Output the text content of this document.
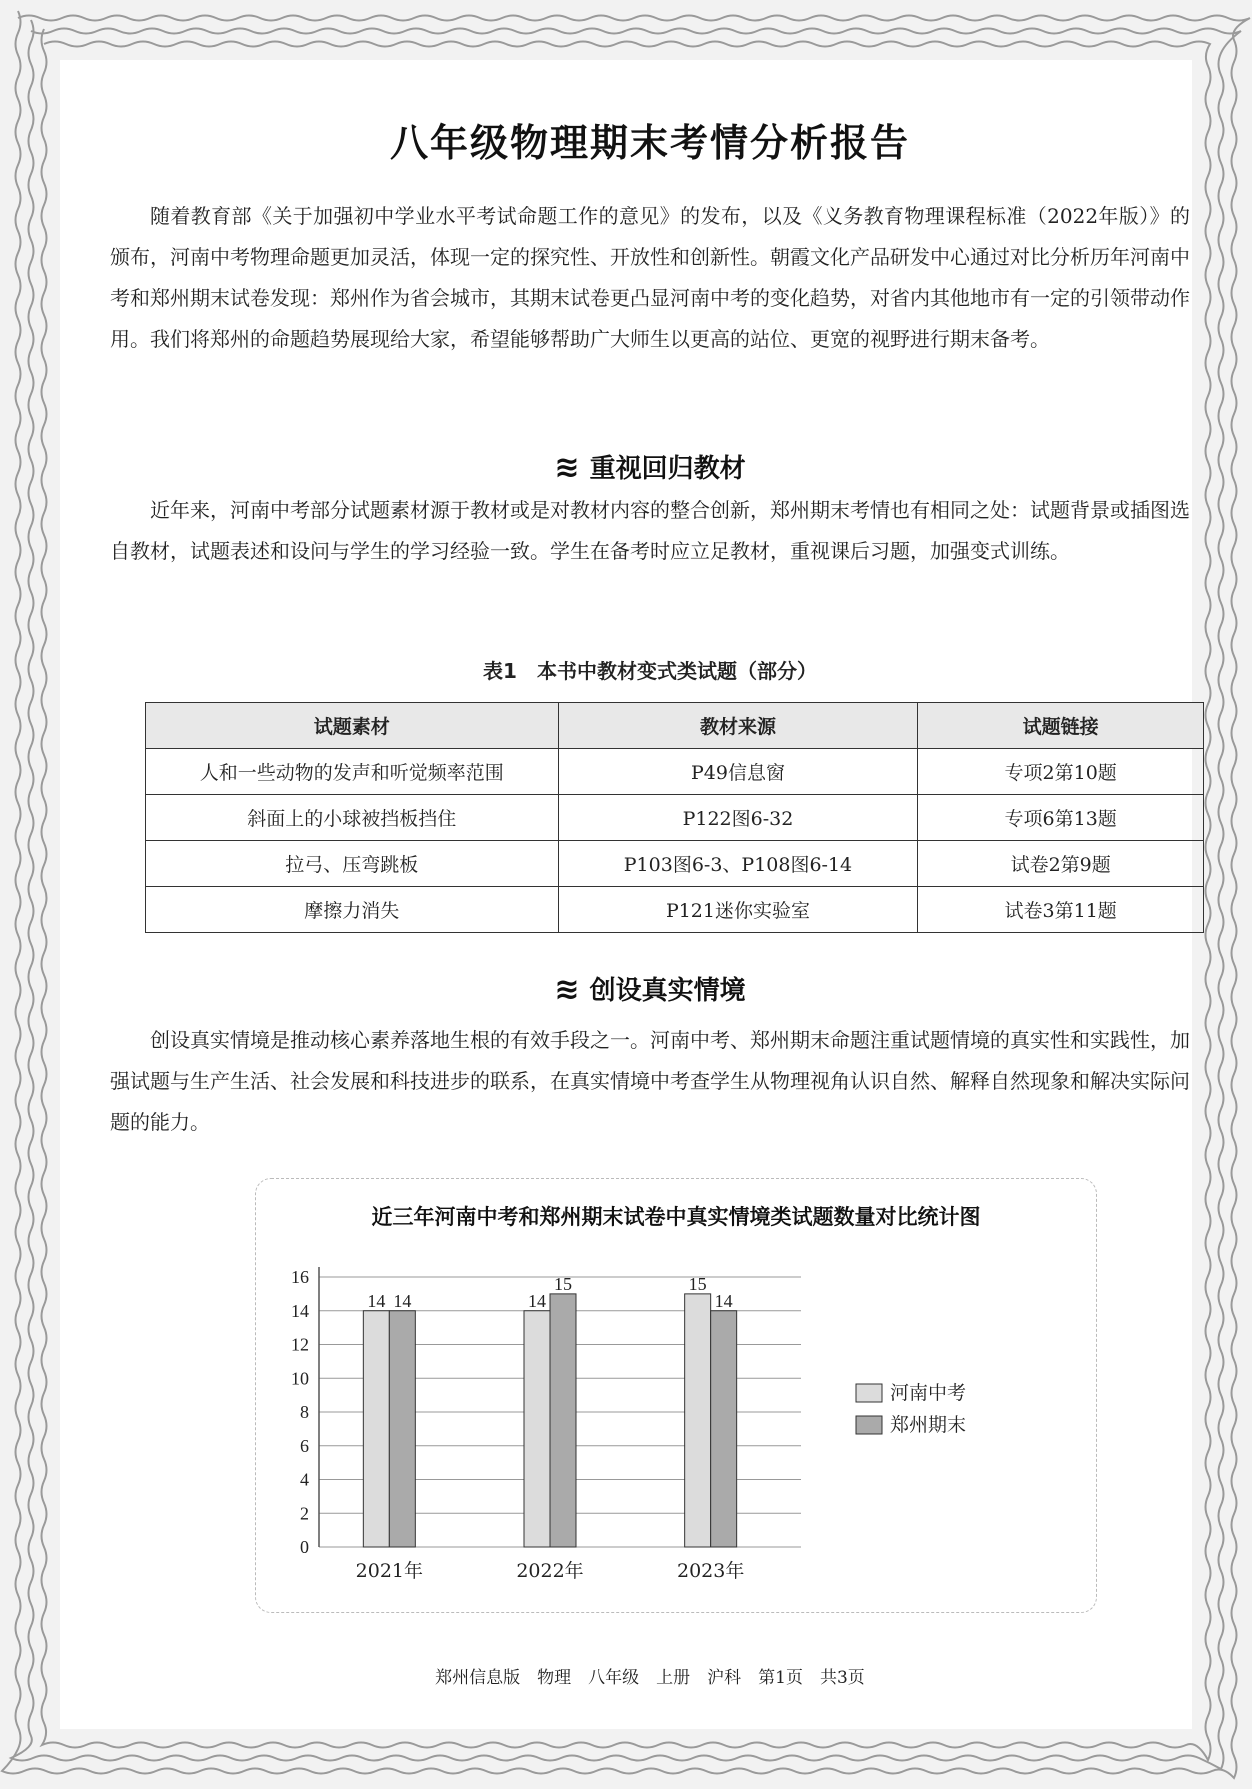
八年级物理期末考情分析报告

随着教育部《关于加强初中学业水平考试命题工作的意见》的发布，以及《义务教育物理课程标准（2022年版）》的颁布，河南中考物理命题更加灵活，体现一定的探究性、开放性和创新性。朝霞文化产品研发中心通过对比分析历年河南中考和郑州期末试卷发现：郑州作为省会城市，其期末试卷更凸显河南中考的变化趋势，对省内其他地市有一定的引领带动作用。我们将郑州的命题趋势展现给大家，希望能够帮助广大师生以更高的站位、更宽的视野进行期末备考。

≋ 重视回归教材

近年来，河南中考部分试题素材源于教材或是对教材内容的整合创新，郑州期末考情也有相同之处：试题背景或插图选自教材，试题表述和设问与学生的学习经验一致。学生在备考时应立足教材，重视课后习题，加强变式训练。

表1　本书中教材变式类试题（部分）
试题素材	教材来源	试题链接
人和一些动物的发声和听觉频率范围	P49信息窗	专项2第10题
斜面上的小球被挡板挡住	P122图6-32	专项6第13题
拉弓、压弯跳板	P103图6-3、P108图6-14	试卷2第9题
摩擦力消失	P121迷你实验室	试卷3第11题
≋ 创设真实情境

创设真实情境是推动核心素养落地生根的有效手段之一。河南中考、郑州期末命题注重试题情境的真实性和实践性，加强试题与生产生活、社会发展和科技进步的联系，在真实情境中考查学生从物理视角认识自然、解释自然现象和解决实际问题的能力。

近三年河南中考和郑州期末试卷中真实情境类试题数量对比统计图
0
2
4
6
8
10
12
14
16
14 14
2021年
14
15
2022年
15
14
2023年
河南中考
郑州期末
郑州信息版　物理　八年级　上册　沪科　第1页　共3页
